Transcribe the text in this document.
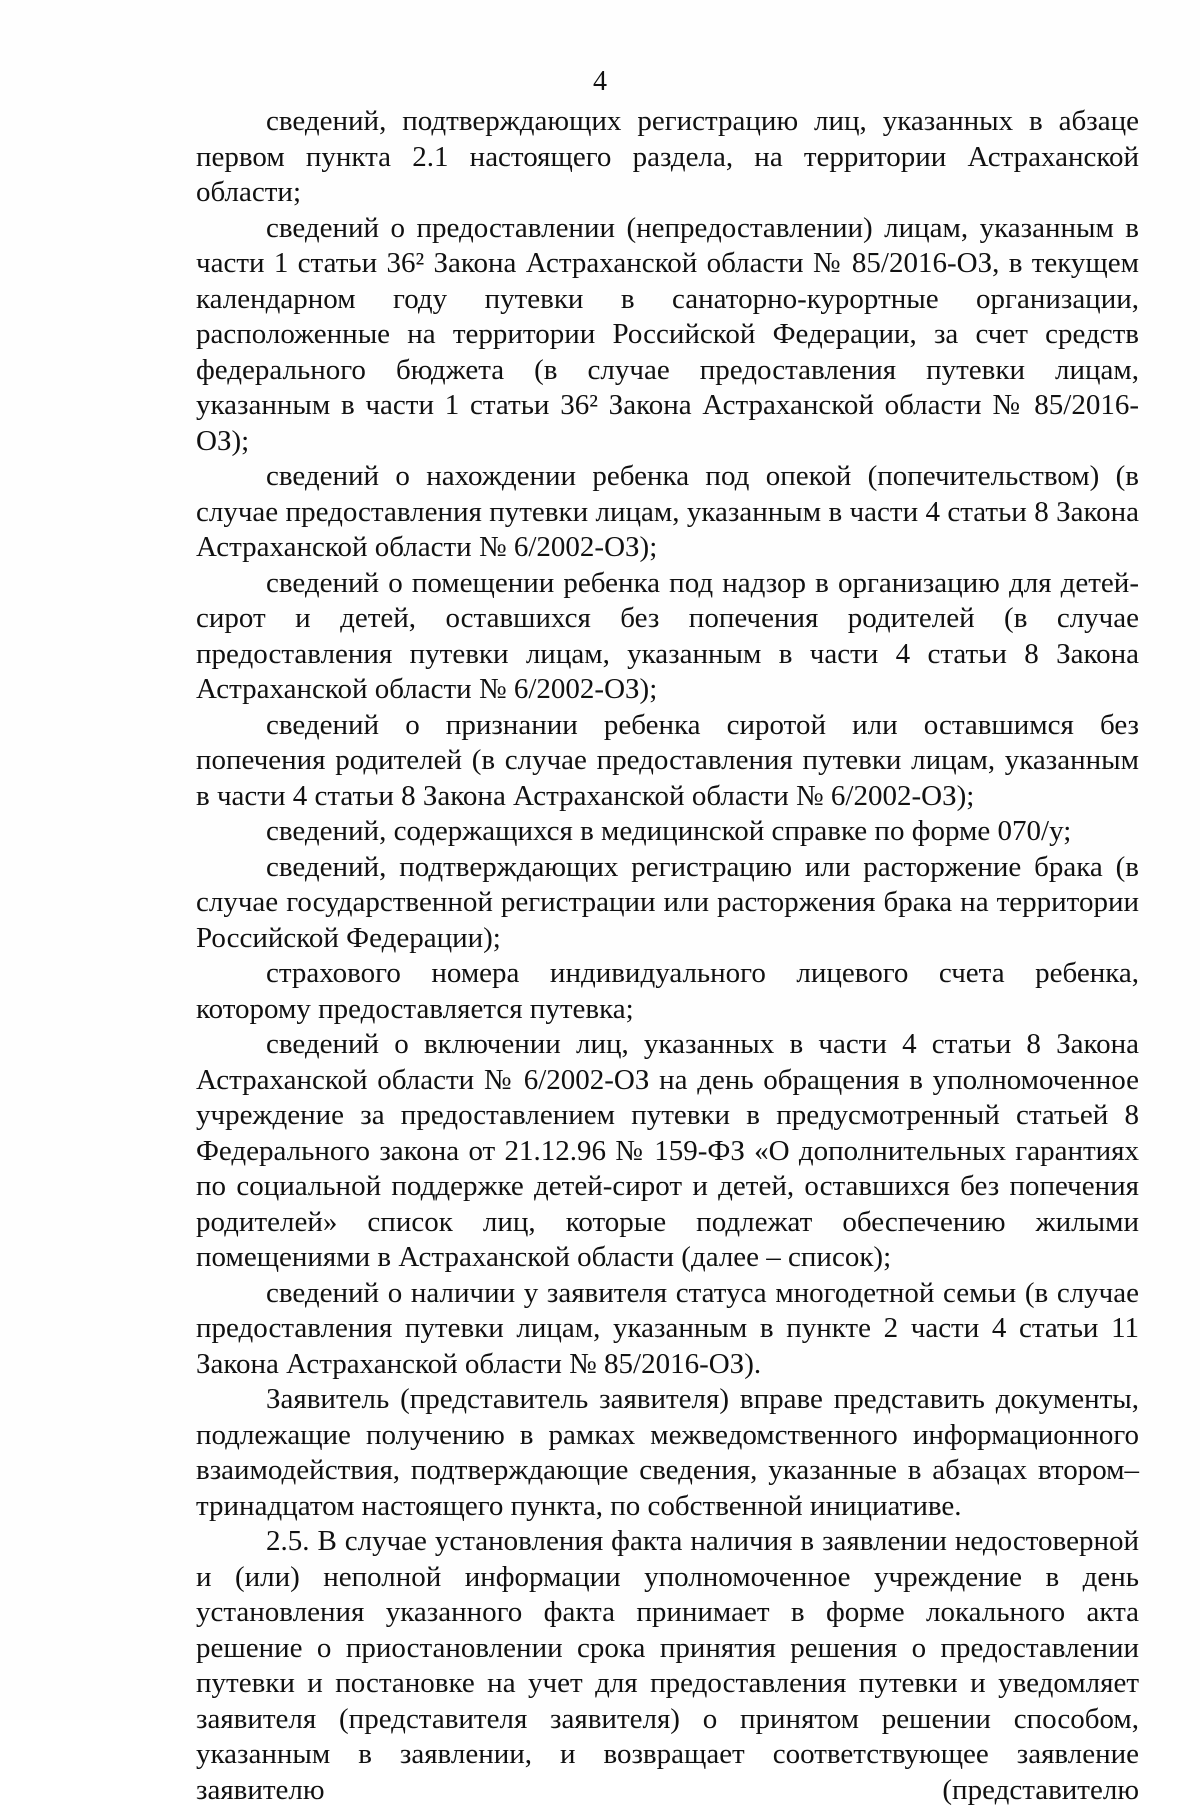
4

сведений, подтверждающих регистрацию лиц, указанных в абзаце первом пункта 2.1 настоящего раздела, на территории Астраханской области;

сведений о предоставлении (непредоставлении) лицам, указанным в части 1 статьи 36² Закона Астраханской области № 85/2016-ОЗ, в текущем календарном году путевки в санаторно-курортные организации, расположенные на территории Российской Федерации, за счет средств федерального бюджета (в случае предоставления путевки лицам, указанным в части 1 статьи 36² Закона Астраханской области № 85/2016-ОЗ);

сведений о нахождении ребенка под опекой (попечительством) (в случае предоставления путевки лицам, указанным в части 4 статьи 8 Закона Астраханской области № 6/2002-ОЗ);

сведений о помещении ребенка под надзор в организацию для детей-сирот и детей, оставшихся без попечения родителей (в случае предоставления путевки лицам, указанным в части 4 статьи 8 Закона Астраханской области № 6/2002-ОЗ);

сведений о признании ребенка сиротой или оставшимся без попечения родителей (в случае предоставления путевки лицам, указанным в части 4 статьи 8 Закона Астраханской области № 6/2002-ОЗ);

сведений, содержащихся в медицинской справке по форме 070/у;

сведений, подтверждающих регистрацию или расторжение брака (в случае государственной регистрации или расторжения брака на территории Российской Федерации);

страхового номера индивидуального лицевого счета ребенка, которому предоставляется путевка;

сведений о включении лиц, указанных в части 4 статьи 8 Закона Астраханской области № 6/2002-ОЗ на день обращения в уполномоченное учреждение за предоставлением путевки в предусмотренный статьей 8 Федерального закона от 21.12.96 № 159-ФЗ «О дополнительных гарантиях по социальной поддержке детей-сирот и детей, оставшихся без попечения родителей» список лиц, которые подлежат обеспечению жилыми помещениями в Астраханской области (далее – список);

сведений о наличии у заявителя статуса многодетной семьи (в случае предоставления путевки лицам, указанным в пункте 2 части 4 статьи 11 Закона Астраханской области № 85/2016-ОЗ).

Заявитель (представитель заявителя) вправе представить документы, подлежащие получению в рамках межведомственного информационного взаимодействия, подтверждающие сведения, указанные в абзацах втором–тринадцатом настоящего пункта, по собственной инициативе.

2.5. В случае установления факта наличия в заявлении недостоверной и (или) неполной информации уполномоченное учреждение в день установления указанного факта принимает в форме локального акта решение о приостановлении срока принятия решения о предоставлении путевки и постановке на учет для предоставления путевки и уведомляет заявителя (представителя заявителя) о принятом решении способом, указанным в заявлении, и возвращает соответствующее заявление заявителю (представителю
